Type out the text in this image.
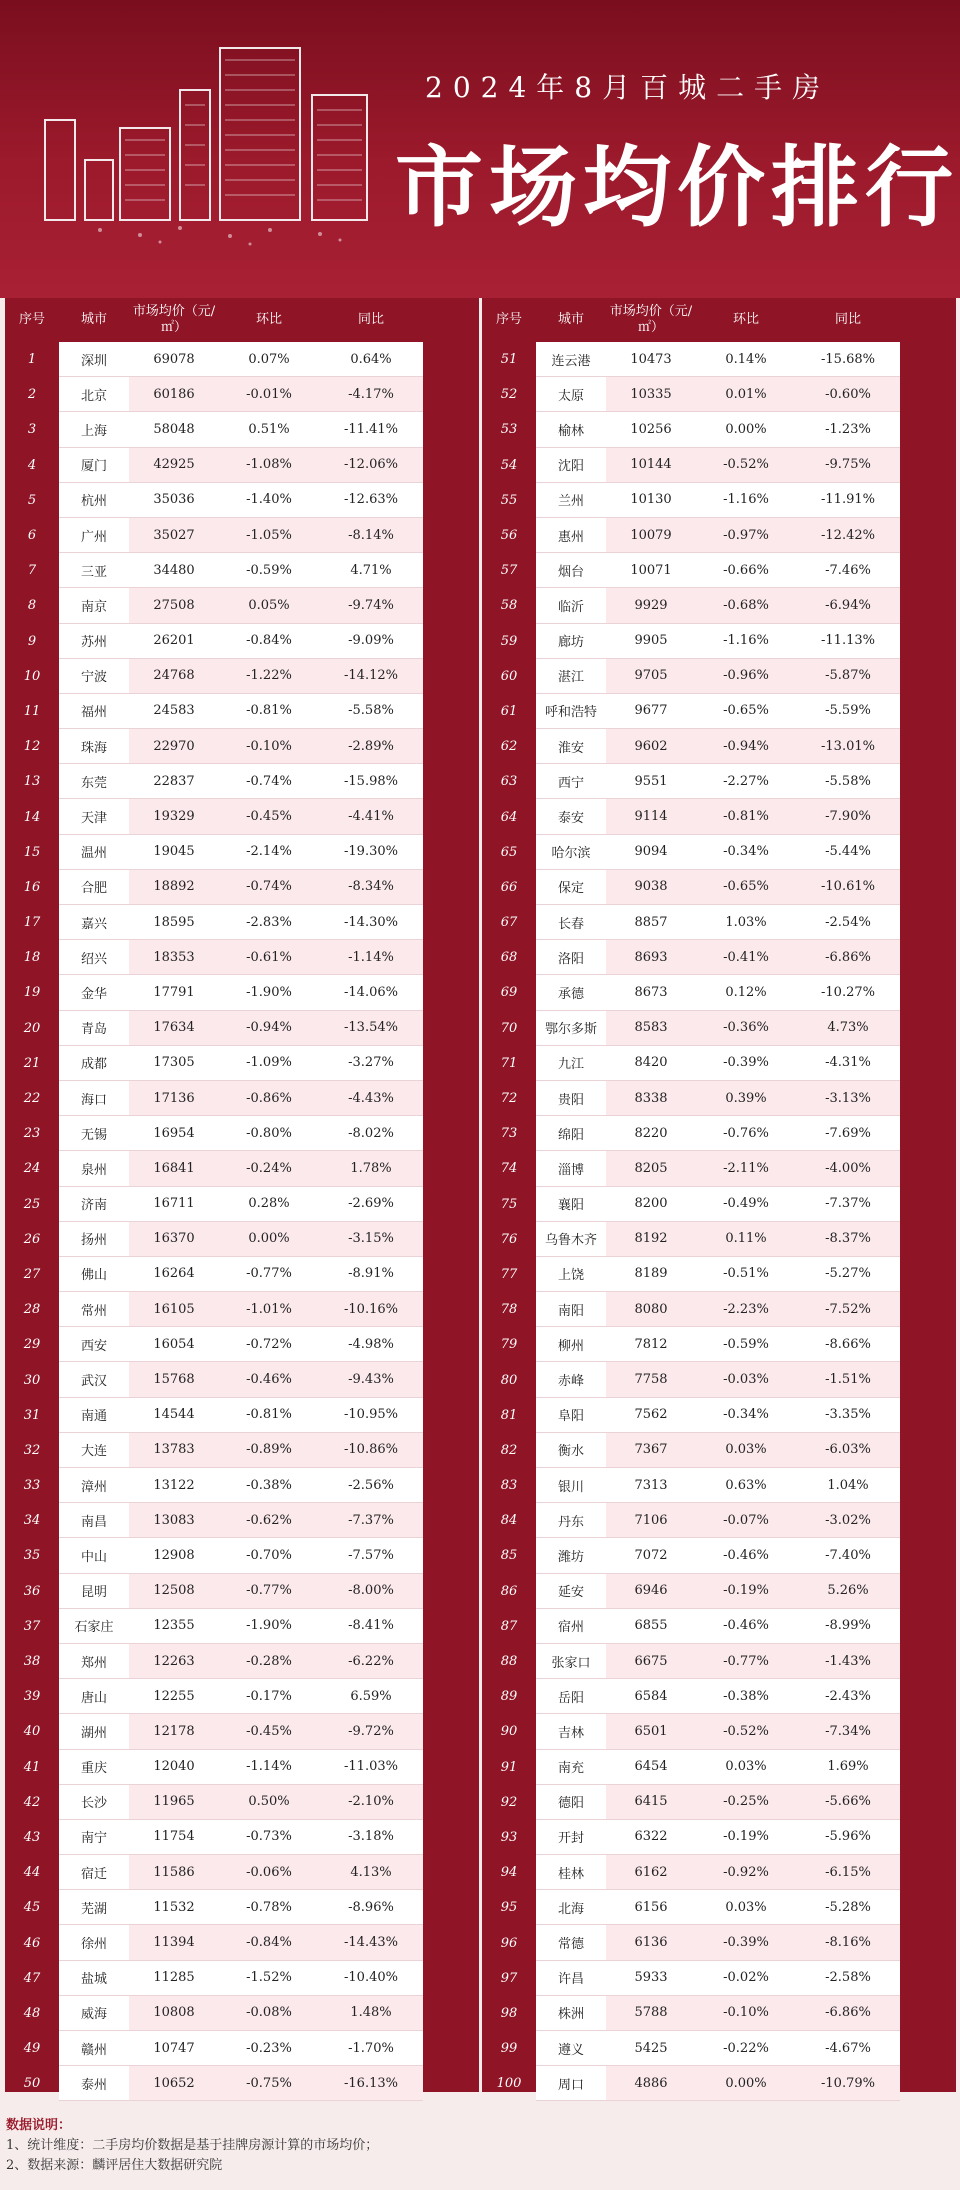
2024年8月百城二手房
市场均价排行
序号	城市
市场均价（元/㎡）
环比	同比
1	深圳	69078	0.07%	0.64%
2	北京	60186	-0.01%	-4.17%
3	上海	58048	0.51%	-11.41%
4	厦门	42925	-1.08%	-12.06%
5	杭州	35036	-1.40%	-12.63%
6	广州	35027	-1.05%	-8.14%
7	三亚	34480	-0.59%	4.71%
8	南京	27508	0.05%	-9.74%
9	苏州	26201	-0.84%	-9.09%
10	宁波	24768	-1.22%	-14.12%
11	福州	24583	-0.81%	-5.58%
12	珠海	22970	-0.10%	-2.89%
13	东莞	22837	-0.74%	-15.98%
14	天津	19329	-0.45%	-4.41%
15	温州	19045	-2.14%	-19.30%
16	合肥	18892	-0.74%	-8.34%
17	嘉兴	18595	-2.83%	-14.30%
18	绍兴	18353	-0.61%	-1.14%
19	金华	17791	-1.90%	-14.06%
20	青岛	17634	-0.94%	-13.54%
21	成都	17305	-1.09%	-3.27%
22	海口	17136	-0.86%	-4.43%
23	无锡	16954	-0.80%	-8.02%
24	泉州	16841	-0.24%	1.78%
25	济南	16711	0.28%	-2.69%
26	扬州	16370	0.00%	-3.15%
27	佛山	16264	-0.77%	-8.91%
28	常州	16105	-1.01%	-10.16%
29	西安	16054	-0.72%	-4.98%
30	武汉	15768	-0.46%	-9.43%
31	南通	14544	-0.81%	-10.95%
32	大连	13783	-0.89%	-10.86%
33	漳州	13122	-0.38%	-2.56%
34	南昌	13083	-0.62%	-7.37%
35	中山	12908	-0.70%	-7.57%
36	昆明	12508	-0.77%	-8.00%
37	石家庄	12355	-1.90%	-8.41%
38	郑州	12263	-0.28%	-6.22%
39	唐山	12255	-0.17%	6.59%
40	湖州	12178	-0.45%	-9.72%
41	重庆	12040	-1.14%	-11.03%
42	长沙	11965	0.50%	-2.10%
43	南宁	11754	-0.73%	-3.18%
44	宿迁	11586	-0.06%	4.13%
45	芜湖	11532	-0.78%	-8.96%
46	徐州	11394	-0.84%	-14.43%
47	盐城	11285	-1.52%	-10.40%
48	威海	10808	-0.08%	1.48%
49	赣州	10747	-0.23%	-1.70%
50	泰州	10652	-0.75%	-16.13%
序号	城市
市场均价（元/㎡）
环比	同比
51	连云港	10473	0.14%	-15.68%
52	太原	10335	0.01%	-0.60%
53	榆林	10256	0.00%	-1.23%
54	沈阳	10144	-0.52%	-9.75%
55	兰州	10130	-1.16%	-11.91%
56	惠州	10079	-0.97%	-12.42%
57	烟台	10071	-0.66%	-7.46%
58	临沂	9929	-0.68%	-6.94%
59	廊坊	9905	-1.16%	-11.13%
60	湛江	9705	-0.96%	-5.87%
61	呼和浩特	9677	-0.65%	-5.59%
62	淮安	9602	-0.94%	-13.01%
63	西宁	9551	-2.27%	-5.58%
64	泰安	9114	-0.81%	-7.90%
65	哈尔滨	9094	-0.34%	-5.44%
66	保定	9038	-0.65%	-10.61%
67	长春	8857	1.03%	-2.54%
68	洛阳	8693	-0.41%	-6.86%
69	承德	8673	0.12%	-10.27%
70	鄂尔多斯	8583	-0.36%	4.73%
71	九江	8420	-0.39%	-4.31%
72	贵阳	8338	0.39%	-3.13%
73	绵阳	8220	-0.76%	-7.69%
74	淄博	8205	-2.11%	-4.00%
75	襄阳	8200	-0.49%	-7.37%
76	乌鲁木齐	8192	0.11%	-8.37%
77	上饶	8189	-0.51%	-5.27%
78	南阳	8080	-2.23%	-7.52%
79	柳州	7812	-0.59%	-8.66%
80	赤峰	7758	-0.03%	-1.51%
81	阜阳	7562	-0.34%	-3.35%
82	衡水	7367	0.03%	-6.03%
83	银川	7313	0.63%	1.04%
84	丹东	7106	-0.07%	-3.02%
85	潍坊	7072	-0.46%	-7.40%
86	延安	6946	-0.19%	5.26%
87	宿州	6855	-0.46%	-8.99%
88	张家口	6675	-0.77%	-1.43%
89	岳阳	6584	-0.38%	-2.43%
90	吉林	6501	-0.52%	-7.34%
91	南充	6454	0.03%	1.69%
92	德阳	6415	-0.25%	-5.66%
93	开封	6322	-0.19%	-5.96%
94	桂林	6162	-0.92%	-6.15%
95	北海	6156	0.03%	-5.28%
96	常德	6136	-0.39%	-8.16%
97	许昌	5933	-0.02%	-2.58%
98	株洲	5788	-0.10%	-6.86%
99	遵义	5425	-0.22%	-4.67%
100	周口	4886	0.00%	-10.79%
数据说明：
1、统计维度：二手房均价数据是基于挂牌房源计算的市场均价；
2、数据来源：麟评居住大数据研究院
